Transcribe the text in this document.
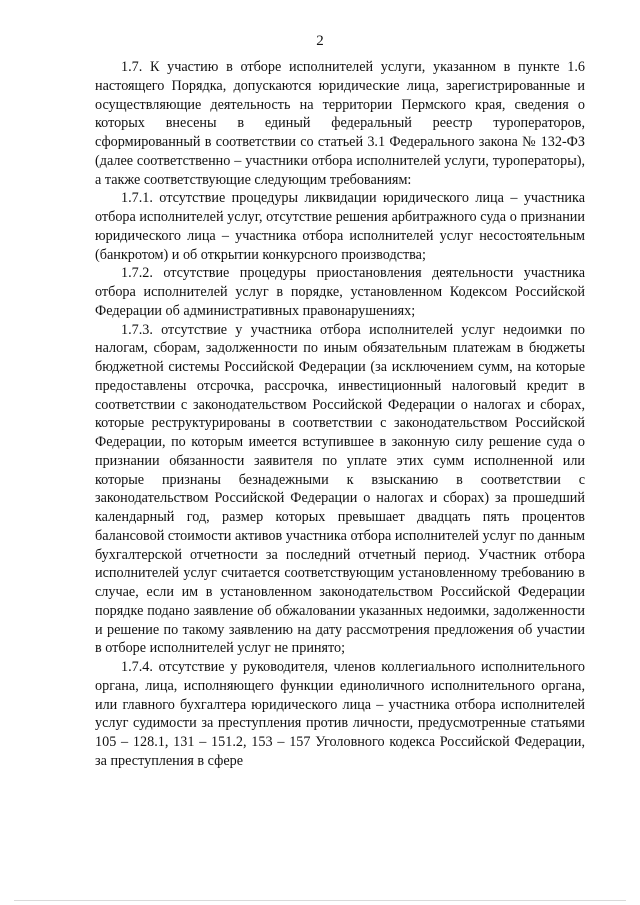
2

1.7. К участию в отборе исполнителей услуги, указанном в пункте 1.6 настоящего Порядка, допускаются юридические лица, зарегистрированные и осуществляющие деятельность на территории Пермского края, сведения о которых внесены в единый федеральный реестр туроператоров, сформированный в соответствии со статьей 3.1 Федерального закона № 132-ФЗ (далее соответственно – участники отбора исполнителей услуги, туроператоры), а также соответствующие следующим требованиям:

1.7.1. отсутствие процедуры ликвидации юридического лица – участника отбора исполнителей услуг, отсутствие решения арбитражного суда о признании юридического лица – участника отбора исполнителей услуг несостоятельным (банкротом) и об открытии конкурсного производства;

1.7.2. отсутствие процедуры приостановления деятельности участника отбора исполнителей услуг в порядке, установленном Кодексом Российской Федерации об административных правонарушениях;

1.7.3. отсутствие у участника отбора исполнителей услуг недоимки по налогам, сборам, задолженности по иным обязательным платежам в бюджеты бюджетной системы Российской Федерации (за исключением сумм, на которые предоставлены отсрочка, рассрочка, инвестиционный налоговый кредит в соответствии с законодательством Российской Федерации о налогах и сборах, которые реструктурированы в соответствии с законодательством Российской Федерации, по которым имеется вступившее в законную силу решение суда о признании обязанности заявителя по уплате этих сумм исполненной или которые признаны безнадежными к взысканию в соответствии с законодательством Российской Федерации о налогах и сборах) за прошедший календарный год, размер которых превышает двадцать пять процентов балансовой стоимости активов участника отбора исполнителей услуг по данным бухгалтерской отчетности за последний отчетный период. Участник отбора исполнителей услуг считается соответствующим установленному требованию в случае, если им в установленном законодательством Российской Федерации порядке подано заявление об обжаловании указанных недоимки, задолженности и решение по такому заявлению на дату рассмотрения предложения об участии в отборе исполнителей услуг не принято;

1.7.4. отсутствие у руководителя, членов коллегиального исполнительного органа, лица, исполняющего функции единоличного исполнительного органа, или главного бухгалтера юридического лица – участника отбора исполнителей услуг судимости за преступления против личности, предусмотренные статьями 105 – 128.1, 131 – 151.2, 153 – 157 Уголовного кодекса Российской Федерации, за преступления в сфере
